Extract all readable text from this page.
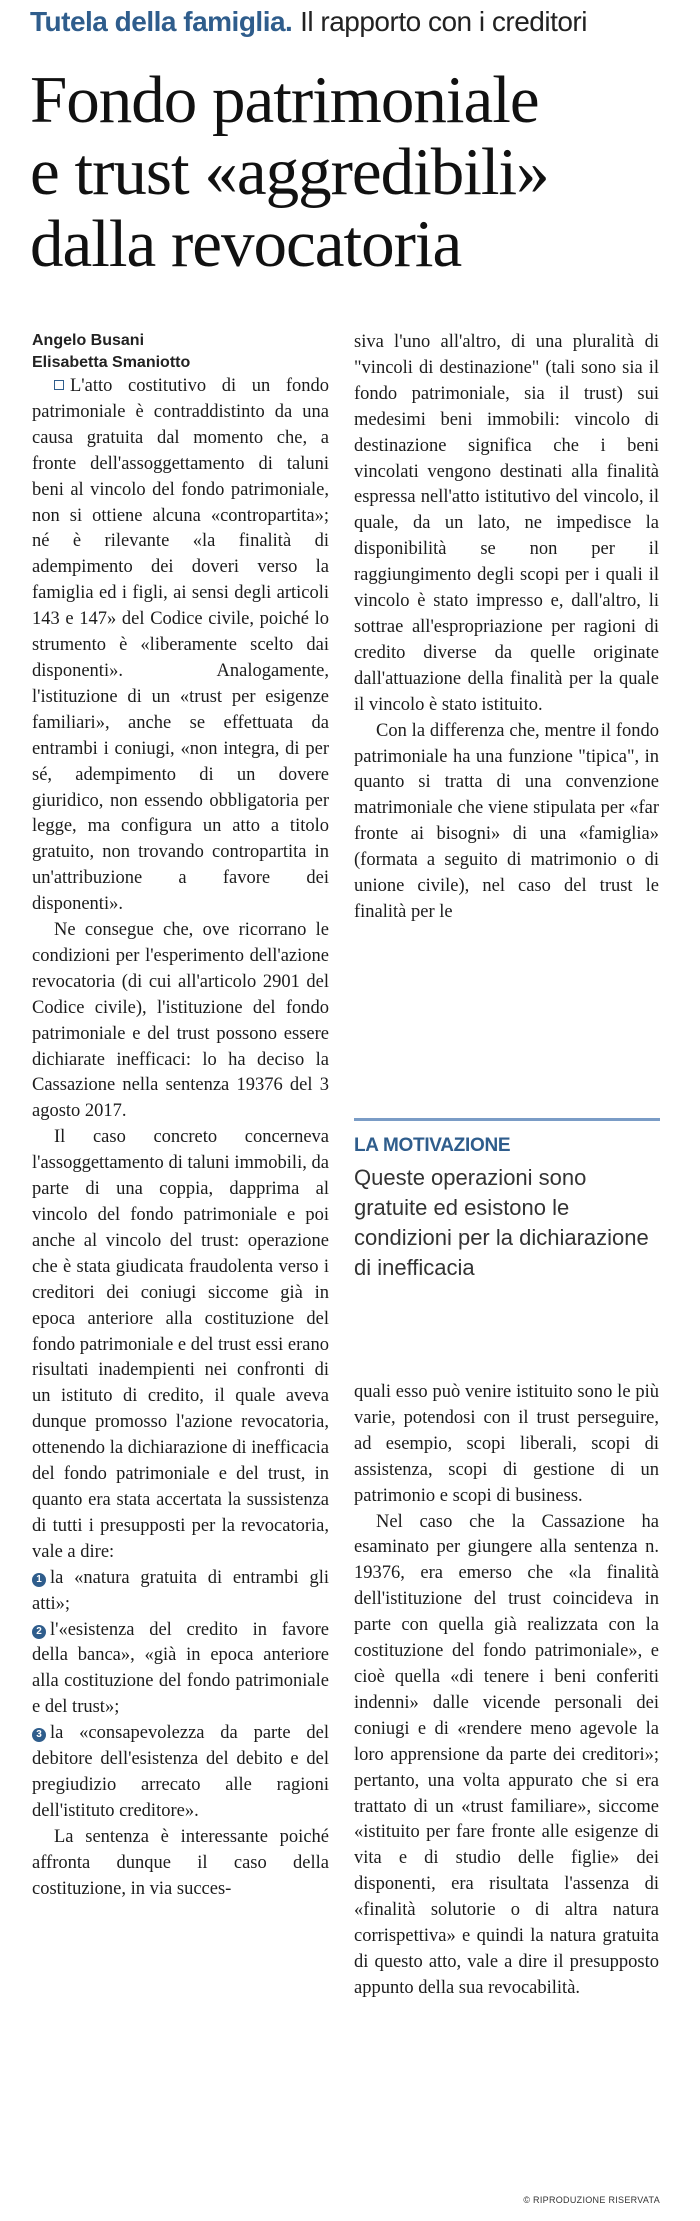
Tutela della famiglia. Il rapporto con i creditori
Fondo patrimoniale
e trust «aggredibili»
dalla revocatoria
Angelo Busani
Elisabetta Smaniotto

L'atto costitutivo di un fondo patrimoniale è contraddistinto da una causa gratuita dal momento che, a fronte dell'assoggettamento di taluni beni al vincolo del fondo patrimoniale, non si ottiene alcuna «contropartita»; né è rilevante «la finalità di adempimento dei doveri verso la famiglia ed i figli, ai sensi degli articoli 143 e 147» del Codice civile, poiché lo strumento è «liberamente scelto dai disponenti». Analogamente, l'istituzione di un «trust per esigenze familiari», anche se effettuata da entrambi i coniugi, «non integra, di per sé, adempimento di un dovere giuridico, non essendo obbligatoria per legge, ma configura un atto a titolo gratuito, non trovando contropartita in un'attribuzione a favore dei disponenti».

Ne consegue che, ove ricorrano le condizioni per l'esperimento dell'azione revocatoria (di cui all'articolo 2901 del Codice civile), l'istituzione del fondo patrimoniale e del trust possono essere dichiarate inefficaci: lo ha deciso la Cassazione nella sentenza 19376 del 3 agosto 2017.

Il caso concreto concerneva l'assoggettamento di taluni immobili, da parte di una coppia, dapprima al vincolo del fondo patrimoniale e poi anche al vincolo del trust: operazione che è stata giudicata fraudolenta verso i creditori dei coniugi siccome già in epoca anteriore alla costituzione del fondo patrimoniale e del trust essi erano risultati inadempienti nei confronti di un istituto di credito, il quale aveva dunque promosso l'azione revocatoria, ottenendo la dichiarazione di inefficacia del fondo patrimoniale e del trust, in quanto era stata accertata la sussistenza di tutti i presupposti per la revocatoria, vale a dire:

1 la «natura gratuita di entrambi gli atti»;

2 l'«esistenza del credito in favore della banca», «già in epoca anteriore alla costituzione del fondo patrimoniale e del trust»;

3 la «consapevolezza da parte del debitore dell'esistenza del debito e del pregiudizio arrecato alle ragioni dell'istituto creditore».

La sentenza è interessante poiché affronta dunque il caso della costituzione, in via succes-

siva l'uno all'altro, di una pluralità di "vincoli di destinazione" (tali sono sia il fondo patrimoniale, sia il trust) sui medesimi beni immobili: vincolo di destinazione significa che i beni vincolati vengono destinati alla finalità espressa nell'atto istitutivo del vincolo, il quale, da un lato, ne impedisce la disponibilità se non per il raggiungimento degli scopi per i quali il vincolo è stato impresso e, dall'altro, li sottrae all'espropriazione per ragioni di credito diverse da quelle originate dall'attuazione della finalità per la quale il vincolo è stato istituito.

Con la differenza che, mentre il fondo patrimoniale ha una funzione "tipica", in quanto si tratta di una convenzione matrimoniale che viene stipulata per «far fronte ai bisogni» di una «famiglia» (formata a seguito di matrimonio o di unione civile), nel caso del trust le finalità per le

LA MOTIVAZIONE
Queste operazioni sono gratuite ed esistono le condizioni per la dichiarazione di inefficacia

quali esso può venire istituito sono le più varie, potendosi con il trust perseguire, ad esempio, scopi liberali, scopi di assistenza, scopi di gestione di un patrimonio e scopi di business.

Nel caso che la Cassazione ha esaminato per giungere alla sentenza n. 19376, era emerso che «la finalità dell'istituzione del trust coincideva in parte con quella già realizzata con la costituzione del fondo patrimoniale», e cioè quella «di tenere i beni conferiti indenni» dalle vicende personali dei coniugi e di «rendere meno agevole la loro apprensione da parte dei creditori»; pertanto, una volta appurato che si era trattato di un «trust familiare», siccome «istituito per fare fronte alle esigenze di vita e di studio delle figlie» dei disponenti, era risultata l'assenza di «finalità solutorie o di altra natura corrispettiva» e quindi la natura gratuita di questo atto, vale a dire il presupposto appunto della sua revocabilità.

© RIPRODUZIONE RISERVATA
